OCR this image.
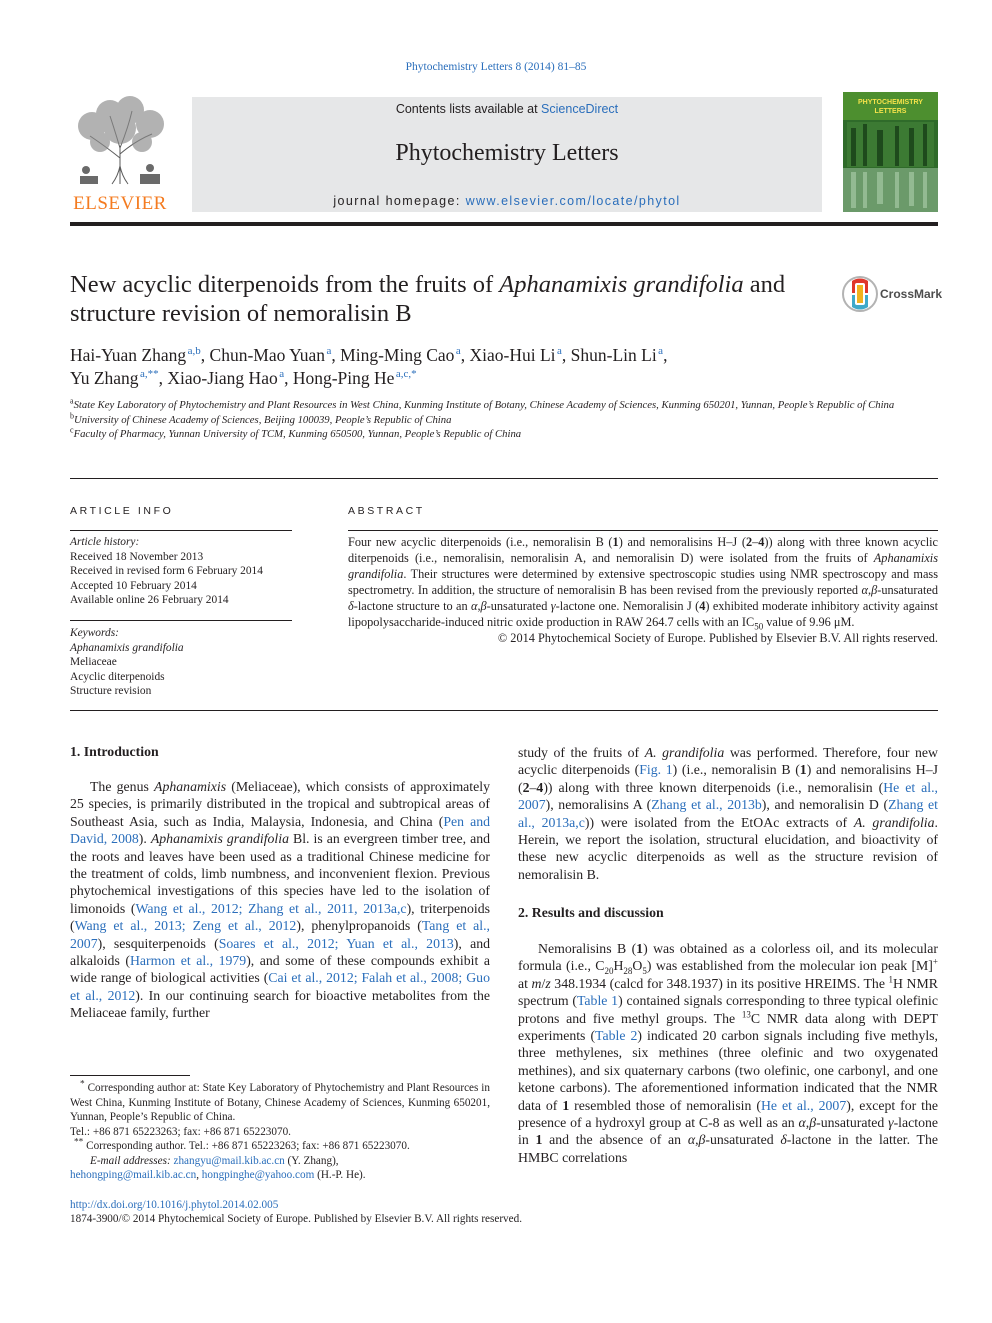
Phytochemistry Letters 8 (2014) 81–85
ELSEVIER
Contents lists available at ScienceDirect
Phytochemistry Letters
journal homepage: www.elsevier.com/locate/phytol
PHYTOCHEMISTRY LETTERS
New acyclic diterpenoids from the fruits of Aphanamixis grandifolia and structure revision of nemoralisin B
CrossMark
Hai-Yuan Zhang $^{a,b}$, Chun-Mao Yuan $^a$, Ming-Ming Cao $^a$, Xiao-Hui Li $^a$, Shun-Lin Li $^a$,
Yu Zhang $^{a,**}$, Xiao-Jiang Hao $^a$, Hong-Ping He $^{a,c,*}$
$^a$State Key Laboratory of Phytochemistry and Plant Resources in West China, Kunming Institute of Botany, Chinese Academy of Sciences, Kunming 650201, Yunnan, People’s Republic of China
$^b$University of Chinese Academy of Sciences, Beijing 100039, People’s Republic of China
$^c$Faculty of Pharmacy, Yunnan University of TCM, Kunming 650500, Yunnan, People’s Republic of China
ARTICLE INFO
Article history:
Received 18 November 2013
Received in revised form 6 February 2014
Accepted 10 February 2014
Available online 26 February 2014
Keywords:
Aphanamixis grandifolia
Meliaceae
Acyclic diterpenoids
Structure revision
ABSTRACT
Four new acyclic diterpenoids (i.e., nemoralisin B (1) and nemoralisins H–J (2–4)) along with three known acyclic diterpenoids (i.e., nemoralisin, nemoralisin A, and nemoralisin D) were isolated from the fruits of Aphanamixis grandifolia. Their structures were determined by extensive spectroscopic studies using NMR spectroscopy and mass spectrometry. In addition, the structure of nemoralisin B has been revised from the previously reported α,β-unsaturated δ-lactone structure to an α,β-unsaturated γ-lactone one. Nemoralisin J (4) exhibited moderate inhibitory activity against lipopolysaccharide-induced nitric oxide production in RAW 264.7 cells with an $IC_{50}$ value of 9.96 μM.
© 2014 Phytochemical Society of Europe. Published by Elsevier B.V. All rights reserved.
1. Introduction

The genus Aphanamixis (Meliaceae), which consists of approximately 25 species, is primarily distributed in the tropical and subtropical areas of Southeast Asia, such as India, Malaysia, Indonesia, and China (Pen and David, 2008). Aphanamixis grandifolia Bl. is an evergreen timber tree, and the roots and leaves have been used as a traditional Chinese medicine for the treatment of colds, limb numbness, and inconvenient flexion. Previous phytochemical investigations of this species have led to the isolation of limonoids (Wang et al., 2012; Zhang et al., 2011, 2013a,c), triterpenoids (Wang et al., 2013; Zeng et al., 2012), phenylpropanoids (Tang et al., 2007), sesquiterpenoids (Soares et al., 2012; Yuan et al., 2013), and alkaloids (Harmon et al., 1979), and some of these compounds exhibit a wide range of biological activities (Cai et al., 2012; Falah et al., 2008; Guo et al., 2012). In our continuing search for bioactive metabolites from the Meliaceae family, further

* Corresponding author at: State Key Laboratory of Phytochemistry and Plant Resources in West China, Kunming Institute of Botany, Chinese Academy of Sciences, Kunming 650201, Yunnan, People’s Republic of China.

Tel.: +86 871 65223263; fax: +86 871 65223070.

** Corresponding author. Tel.: +86 871 65223263; fax: +86 871 65223070.

E-mail addresses: zhangyu@mail.kib.ac.cn (Y. Zhang),

hehongping@mail.kib.ac.cn, hongpinghe@yahoo.com (H.-P. He).

http://dx.doi.org/10.1016/j.phytol.2014.02.005
1874-3900/© 2014 Phytochemical Society of Europe. Published by Elsevier B.V. All rights reserved.

study of the fruits of A. grandifolia was performed. Therefore, four new acyclic diterpenoids (Fig. 1) (i.e., nemoralisin B (1) and nemoralisins H–J (2–4)) along with three known diterpenoids (i.e., nemoralisin (He et al., 2007), nemoralisins A (Zhang et al., 2013b), and nemoralisin D (Zhang et al., 2013a,c)) were isolated from the EtOAc extracts of A. grandifolia. Herein, we report the isolation, structural elucidation, and bioactivity of these new acyclic diterpenoids as well as the structure revision of nemoralisin B.

2. Results and discussion

Nemoralisins B (1) was obtained as a colorless oil, and its molecular formula (i.e., $C_{20}H_{28}O_5$) was established from the molecular ion peak [M]+ at m/z 348.1934 (calcd for 348.1937) in its positive HREIMS. The $^1$H NMR spectrum (Table 1) contained signals corresponding to three typical olefinic protons and five methyl groups. The $^{13}$C NMR data along with DEPT experiments (Table 2) indicated 20 carbon signals including five methyls, three methylenes, six methines (three olefinic and two oxygenated methines), and six quaternary carbons (two olefinic, one carbonyl, and one ketone carbons). The aforementioned information indicated that the NMR data of 1 resembled those of nemoralisin (He et al., 2007), except for the presence of a hydroxyl group at C-8 as well as an α,β-unsaturated γ-lactone in 1 and the absence of an α,β-unsaturated δ-lactone in the latter. The HMBC correlations
